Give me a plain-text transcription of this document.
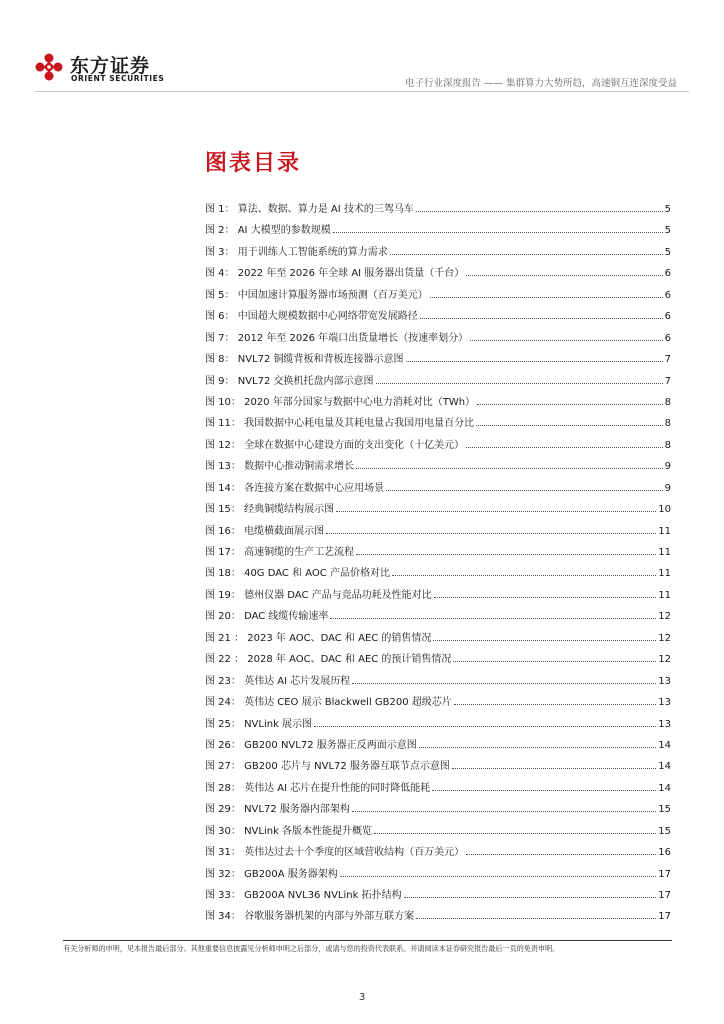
东方证券
ORIENT SECURITIES	电子行业深度报告 —— 集群算力大势所趋，高速铜互连深度受益
图表目录
图 1： 算法、数据、算力是 AI 技术的三驾马车	5
图 2： AI 大模型的参数规模	5
图 3： 用于训练人工智能系统的算力需求	5
图 4： 2022 年至 2026 年全球 AI 服务器出货量（千台）	6
图 5： 中国加速计算服务器市场预测（百万美元）	6
图 6： 中国超大规模数据中心网络带宽发展路径	6
图 7： 2012 年至 2026 年端口出货量增长（按速率划分）	6
图 8： NVL72 铜缆背板和背板连接器示意图	7
图 9： NVL72 交换机托盘内部示意图	7
图 10： 2020 年部分国家与数据中心电力消耗对比（TWh）	8
图 11： 我国数据中心耗电量及其耗电量占我国用电量百分比	8
图 12： 全球在数据中心建设方面的支出变化（十亿美元）	8
图 13： 数据中心推动铜需求增长	9
图 14： 各连接方案在数据中心应用场景	9
图 15： 经典铜缆结构展示图	10
图 16： 电缆横截面展示图	11
图 17： 高速铜缆的生产工艺流程	11
图 18： 40G DAC 和 AOC 产品价格对比	11
图 19： 德州仪器 DAC 产品与竞品功耗及性能对比	11
图 20： DAC 线缆传输速率	12
图 21 ： 2023 年 AOC、DAC 和 AEC 的销售情况	12
图 22 ： 2028 年 AOC、DAC 和 AEC 的预计销售情况	12
图 23： 英伟达 AI 芯片发展历程	13
图 24： 英伟达 CEO 展示 Blackwell GB200 超级芯片	13
图 25： NVLink 展示图	13
图 26： GB200 NVL72 服务器正反两面示意图	14
图 27： GB200 芯片与 NVL72 服务器互联节点示意图	14
图 28： 英伟达 AI 芯片在提升性能的同时降低能耗	14
图 29： NVL72 服务器内部架构	15
图 30： NVLink 各版本性能提升概览	15
图 31： 英伟达过去十个季度的区域营收结构（百万美元）	16
图 32： GB200A 服务器架构	17
图 33： GB200A NVL36 NVLink 拓扑结构	17
图 34： 谷歌服务器机架的内部与外部互联方案	17
有关分析师的申明，见本报告最后部分。其他重要信息披露见分析师申明之后部分，或请与您的投资代表联系。并请阅读本证券研究报告最后一页的免责申明。
3
